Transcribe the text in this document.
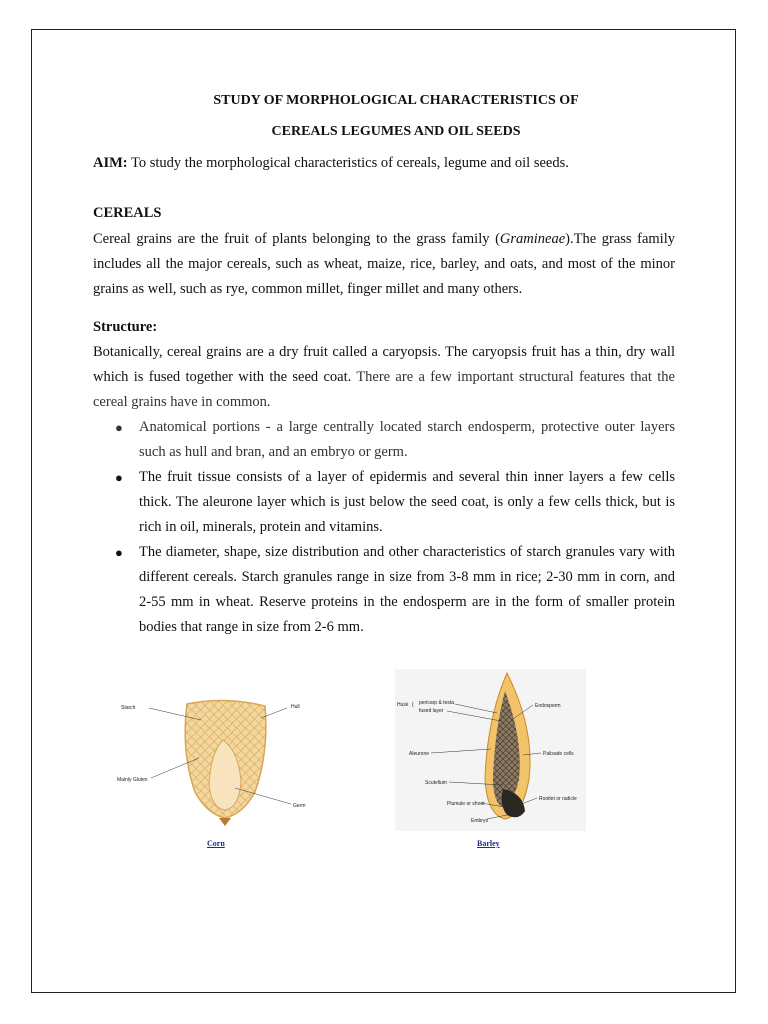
STUDY OF MORPHOLOGICAL CHARACTERISTICS OF
CEREALS LEGUMES AND OIL SEEDS
AIM: To study the morphological characteristics of cereals, legume and oil seeds.
CEREALS
Cereal grains are the fruit of plants belonging to the grass family (Gramineae).The grass family includes all the major cereals, such as wheat, maize, rice, barley, and oats, and most of the minor grains as well, such as rye, common millet, finger millet and many others.
Structure:
Botanically, cereal grains are a dry fruit called a caryopsis. The caryopsis fruit has a thin, dry wall which is fused together with the seed coat. There are a few important structural features that the cereal grains have in common.
● Anatomical portions - a large centrally located starch endosperm, protective outer layers such as hull and bran, and an embryo or germ.
● The fruit tissue consists of a layer of epidermis and several thin inner layers a few cells thick. The aleurone layer which is just below the seed coat, is only a few cells thick, but is rich in oil, minerals, protein and vitamins.
● The diameter, shape, size distribution and other characteristics of starch granules vary with different cereals. Starch granules range in size from 3-8 mm in rice; 2-30 mm in corn, and 2-55 mm in wheat. Reserve proteins in the endosperm are in the form of smaller protein bodies that range in size from 2-6 mm.
Starch	Hull
Mainly Gluten
Germ
Corn
Husk { pericarp & testa
fused layer
Endosperm
Aleurone	Palisade cells
Scutellum
Rootlet or radicle
Plumule or shoot
Embryo
Barley
